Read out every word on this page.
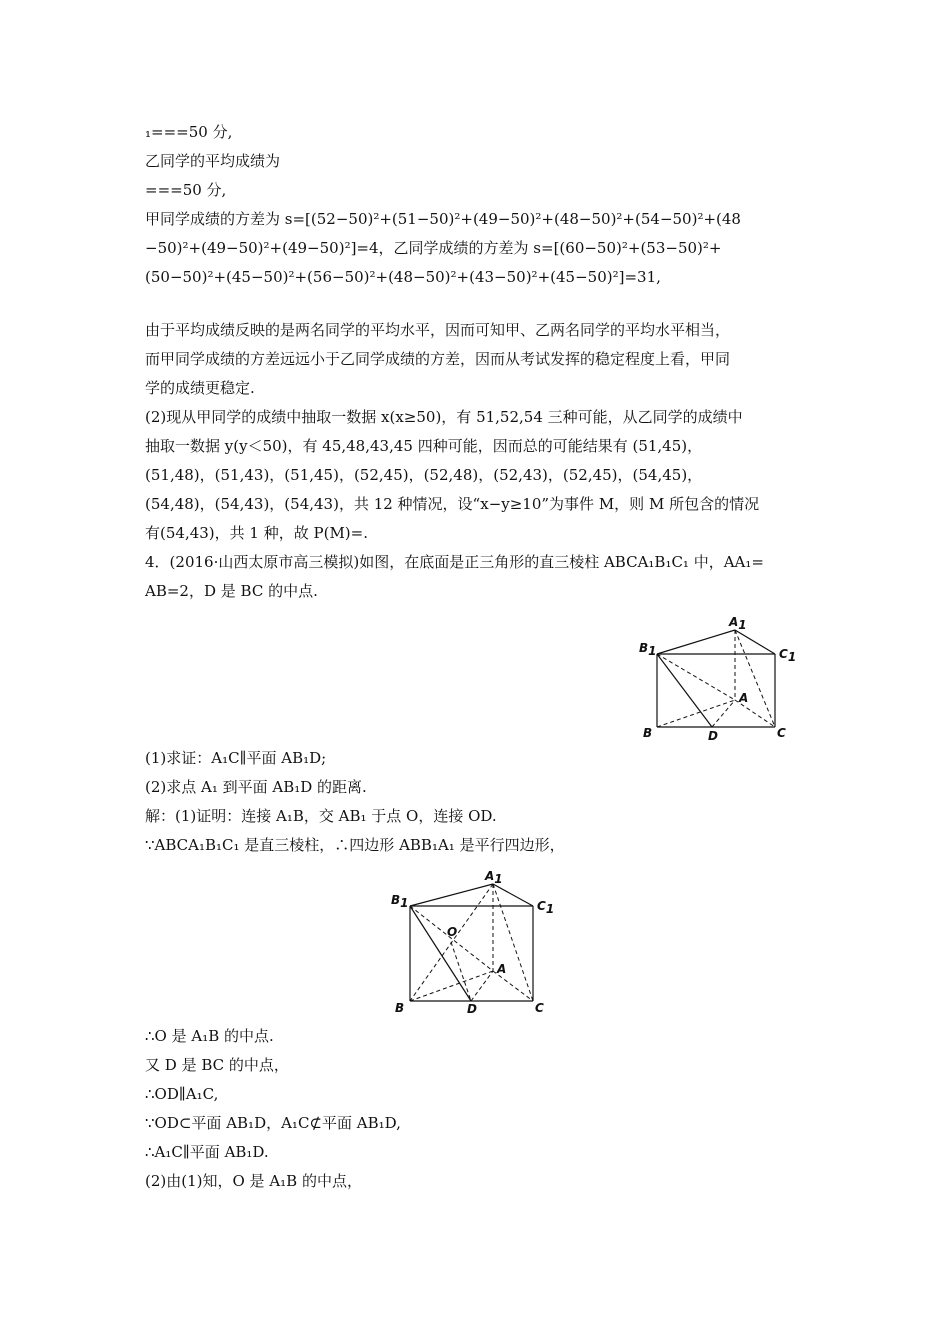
₁===50 分,
乙同学的平均成绩为
===50 分,
甲同学成绩的方差为 s=[(52−50)²+(51−50)²+(49−50)²+(48−50)²+(54−50)²+(48
−50)²+(49−50)²+(49−50)²]=4，乙同学成绩的方差为 s=[(60−50)²+(53−50)²+
(50−50)²+(45−50)²+(56−50)²+(48−50)²+(43−50)²+(45−50)²]=31,
由于平均成绩反映的是两名同学的平均水平，因而可知甲、乙两名同学的平均水平相当，
而甲同学成绩的方差远远小于乙同学成绩的方差，因而从考试发挥的稳定程度上看，甲同
学的成绩更稳定.
(2)现从甲同学的成绩中抽取一数据 x(x≥50)，有 51,52,54 三种可能，从乙同学的成绩中
抽取一数据 y(y＜50)，有 45,48,43,45 四种可能，因而总的可能结果有 (51,45)，
(51,48)，(51,43)，(51,45)，(52,45)，(52,48)，(52,43)，(52,45)，(54,45)，
(54,48)，(54,43)，(54,43)，共 12 种情况，设“x−y≥10”为事件 M，则 M 所包含的情况
有(54,43)，共 1 种，故 P(M)=.
4．(2016·山西太原市高三模拟)如图，在底面是正三角形的直三棱柱 ABCA₁B₁C₁ 中，AA₁=
AB=2，D 是 BC 的中点.
A1
B1	C1
A
B	D	C
(1)求证：A₁C∥平面 AB₁D;
(2)求点 A₁ 到平面 AB₁D 的距离.
解：(1)证明：连接 A₁B，交 AB₁ 于点 O，连接 OD.
∵ABCA₁B₁C₁ 是直三棱柱，∴四边形 ABB₁A₁ 是平行四边形，
A1
B1	C1
O
A
B	D	C
∴O 是 A₁B 的中点.
又 D 是 BC 的中点，
∴OD∥A₁C,
∵OD⊂平面 AB₁D，A₁C⊄平面 AB₁D,
∴A₁C∥平面 AB₁D.
(2)由(1)知，O 是 A₁B 的中点，
